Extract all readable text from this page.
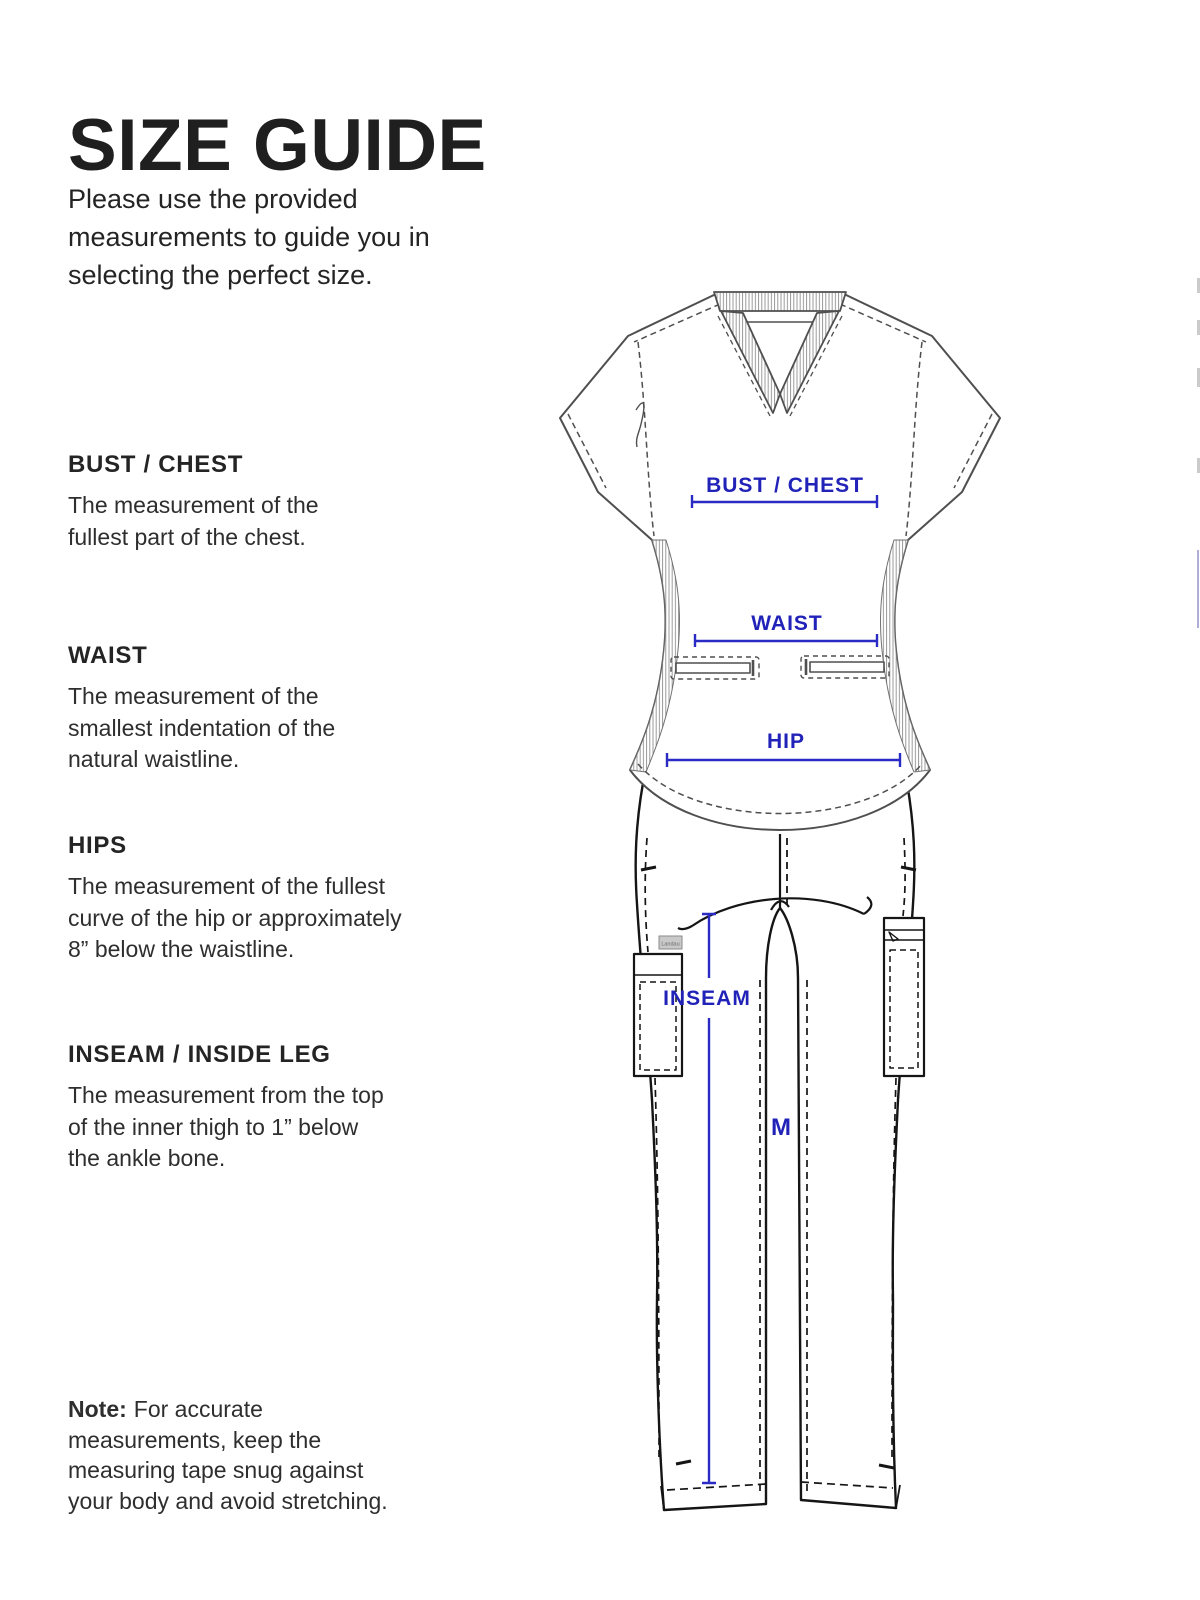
SIZE GUIDE
Please use the provided
measurements to guide you in
selecting the perfect size.
BUST / CHEST
The measurement of the
fullest part of the chest.
WAIST
The measurement of the
smallest indentation of the
natural waistline.
HIPS
The measurement of the fullest
curve of the hip or approximately
8” below the waistline.
INSEAM / INSIDE LEG
The measurement from the top
of the inner thigh to 1” below
the ankle bone.
Note: For accurate
measurements, keep the
measuring tape snug against
your body and avoid stretching.
Landau
BUST / CHEST
WAIST
HIP
INSEAM
M
